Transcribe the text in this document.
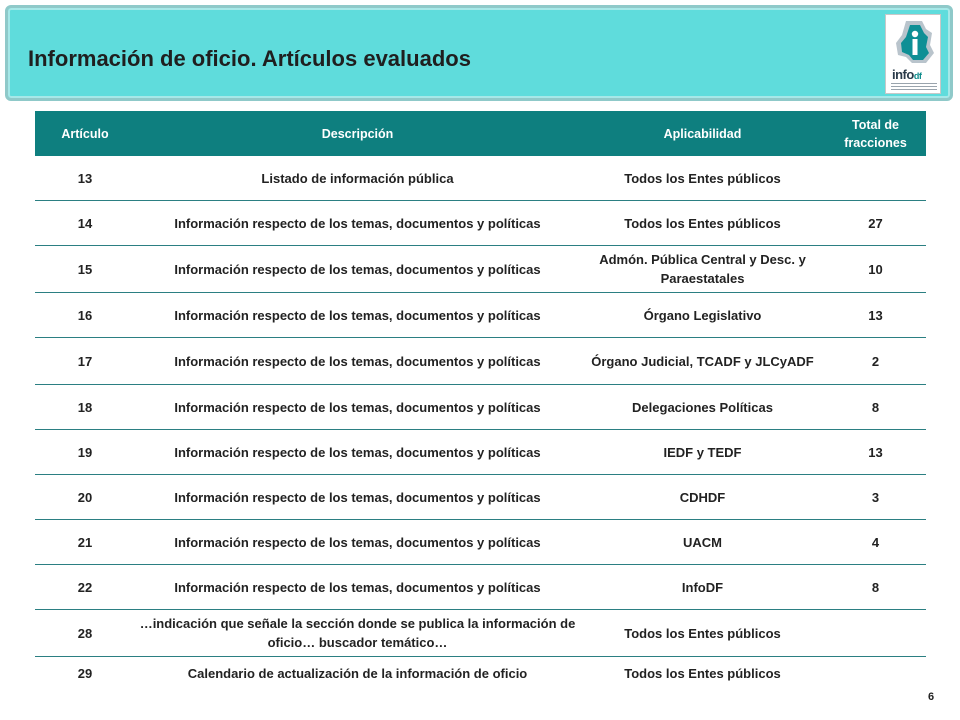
Información de oficio. Artículos evaluados
infodf
Artículo	Descripción	Aplicabilidad	Total de fracciones
13	Listado de información pública	Todos los Entes públicos	
14	Información respecto de los temas, documentos y políticas	Todos los Entes públicos	27
15	Información respecto de los temas, documentos y políticas	Admón. Pública Central y Desc. y Paraestatales	10
16	Información respecto de los temas, documentos y políticas	Órgano Legislativo	13
17	Información respecto de los temas, documentos y políticas	Órgano Judicial, TCADF y JLCyADF	2
18	Información respecto de los temas, documentos y políticas	Delegaciones Políticas	8
19	Información respecto de los temas, documentos y políticas	IEDF y TEDF	13
20	Información respecto de los temas, documentos y políticas	CDHDF	3
21	Información respecto de los temas, documentos y políticas	UACM	4
22	Información respecto de los temas, documentos y políticas	InfoDF	8
28	…indicación que señale la sección donde se publica la información de oficio… buscador temático…	Todos los Entes públicos	
29	Calendario de actualización de la información de oficio	Todos los Entes públicos	
6
